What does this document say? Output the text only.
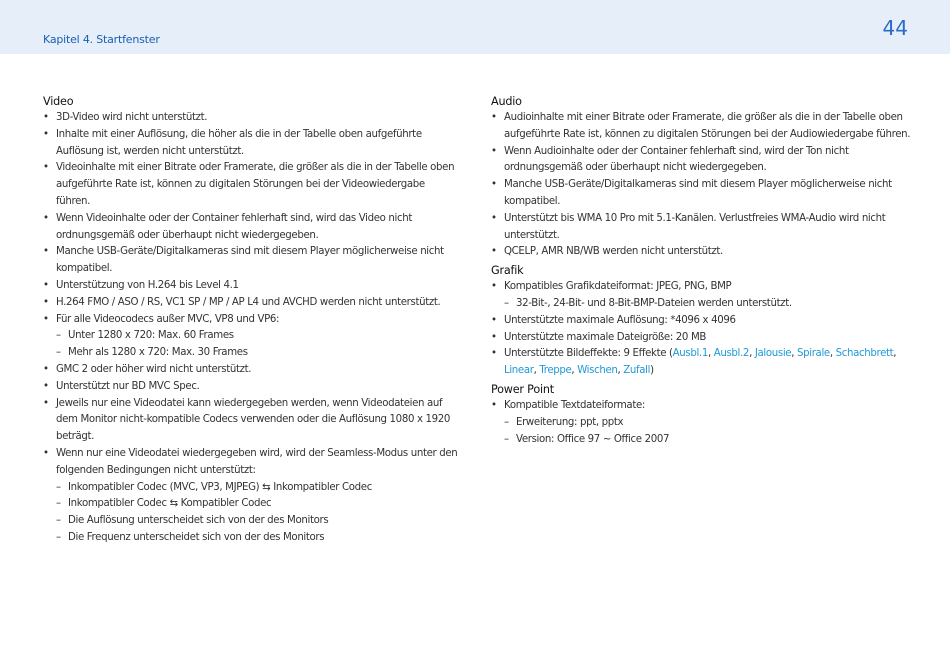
Kapitel 4. Startfenster	44
Video
• 3D-Video wird nicht unterstützt.
• Inhalte mit einer Auflösung, die höher als die in der Tabelle oben aufgeführte Auflösung ist, werden nicht unterstützt.
• Videoinhalte mit einer Bitrate oder Framerate, die größer als die in der Tabelle oben aufgeführte Rate ist, können zu digitalen Störungen bei der Videowiedergabe führen.
• Wenn Videoinhalte oder der Container fehlerhaft sind, wird das Video nicht ordnungsgemäß oder überhaupt nicht wiedergegeben.
• Manche USB-Geräte/Digitalkameras sind mit diesem Player möglicherweise nicht kompatibel.
• Unterstützung von H.264 bis Level 4.1
• H.264 FMO / ASO / RS, VC1 SP / MP / AP L4 und AVCHD werden nicht unterstützt.
• Für alle Videocodecs außer MVC, VP8 und VP6:
– Unter 1280 x 720: Max. 60 Frames
– Mehr als 1280 x 720: Max. 30 Frames
• GMC 2 oder höher wird nicht unterstützt.
• Unterstützt nur BD MVC Spec.
• Jeweils nur eine Videodatei kann wiedergegeben werden, wenn Videodateien auf dem Monitor nicht-kompatible Codecs verwenden oder die Auflösung 1080 x 1920 beträgt.
• Wenn nur eine Videodatei wiedergegeben wird, wird der Seamless-Modus unter den folgenden Bedingungen nicht unterstützt:
– Inkompatibler Codec (MVC, VP3, MJPEG) ⇆ Inkompatibler Codec
– Inkompatibler Codec ⇆ Kompatibler Codec
– Die Auflösung unterscheidet sich von der des Monitors
– Die Frequenz unterscheidet sich von der des Monitors
Audio
• Audioinhalte mit einer Bitrate oder Framerate, die größer als die in der Tabelle oben aufgeführte Rate ist, können zu digitalen Störungen bei der Audiowiedergabe führen.
• Wenn Audioinhalte oder der Container fehlerhaft sind, wird der Ton nicht ordnungsgemäß oder überhaupt nicht wiedergegeben.
• Manche USB-Geräte/Digitalkameras sind mit diesem Player möglicherweise nicht kompatibel.
• Unterstützt bis WMA 10 Pro mit 5.1-Kanälen. Verlustfreies WMA-Audio wird nicht unterstützt.
• QCELP, AMR NB/WB werden nicht unterstützt.
Grafik
• Kompatibles Grafikdateiformat: JPEG, PNG, BMP
– 32-Bit-, 24-Bit- und 8-Bit-BMP-Dateien werden unterstützt.
• Unterstützte maximale Auflösung: *4096 x 4096
• Unterstützte maximale Dateigröße: 20 MB
• Unterstützte Bildeffekte: 9 Effekte (Ausbl.1, Ausbl.2, Jalousie, Spirale, Schachbrett, Linear, Treppe, Wischen, Zufall)
Power Point
• Kompatible Textdateiformate:
– Erweiterung: ppt, pptx
– Version: Office 97 ~ Office 2007
